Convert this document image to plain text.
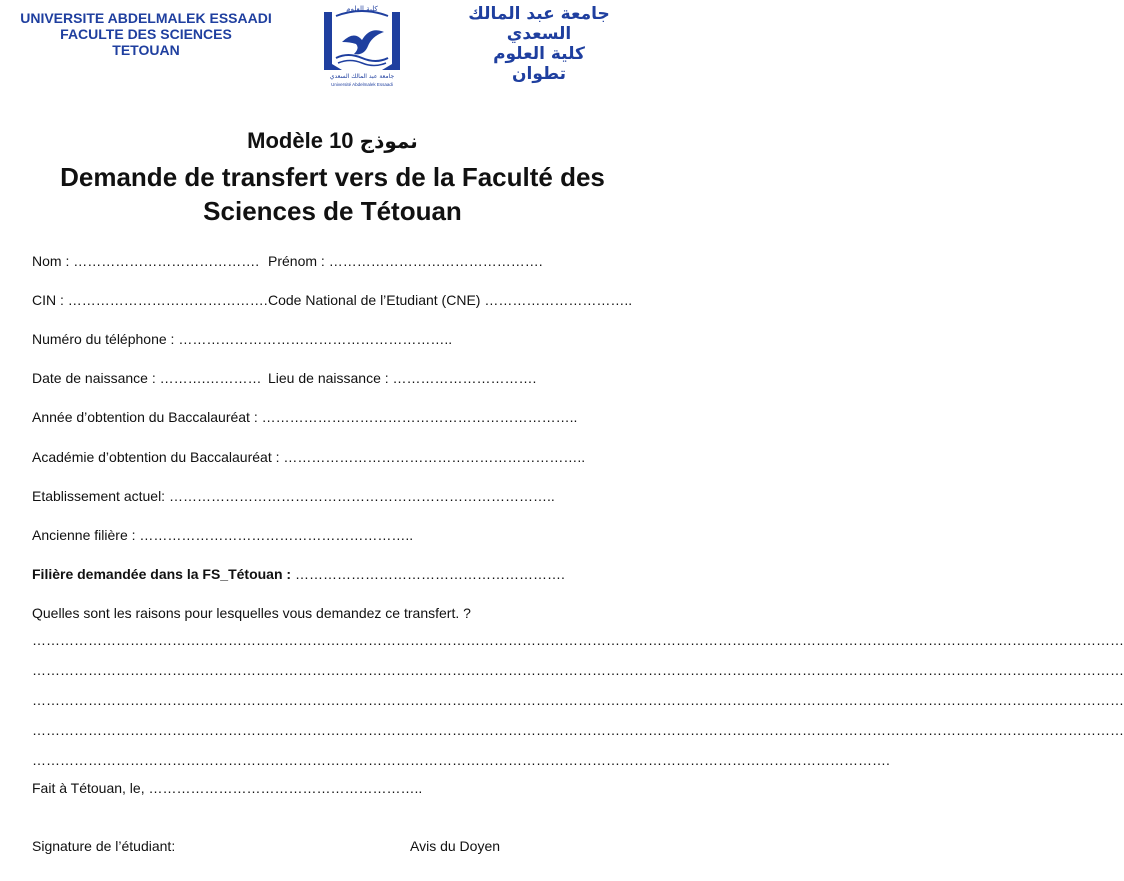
UNIVERSITE ABDELMALEK ESSAADI
FACULTE DES SCIENCES
TETOUAN
كلية العلوم
جامعة عبد المالك السعدي
Université Abdelmalek Essaadi
جامعة عبد المالك السعدي
كلية العلوم
تطوان
Modèle 10 نموذج
Demande de transfert vers de la Faculté des
Sciences de Tétouan
Nom : …………………………………. Prénom : ……………………………………….
CIN : ……………………………………. Code National de l’Etudiant (CNE) …………………………..
Numéro du téléphone : …………………………………………………..
Date de naissance : ……….………… Lieu de naissance : ………………………….
Année d’obtention du Baccalauréat : …………………………………………………………..
Académie d’obtention du Baccalauréat : ………………………………………………………..
Etablissement actuel: ………………………………………………………………………..
Ancienne filière : …………………………………………………..
Filière demandée dans la FS_Tétouan : ………………………………………………….
Quelles sont les raisons pour lesquelles vous demandez ce transfert. ?
………………………………………………………………………………………………………………………………………………………………………………………………………………
………………………………………………………………………………………………………………………………………………………………………………………………………………
………………………………………………………………………………………………………………………………………………………………………………………………………………
………………………………………………………………………………………………………………………………………………………………………………………………………………
………………………………………………………………………………………………………………………………………………………………….
Fait à Tétouan, le, …………………………………………………..
Signature de l’étudiant:	Avis du Doyen
